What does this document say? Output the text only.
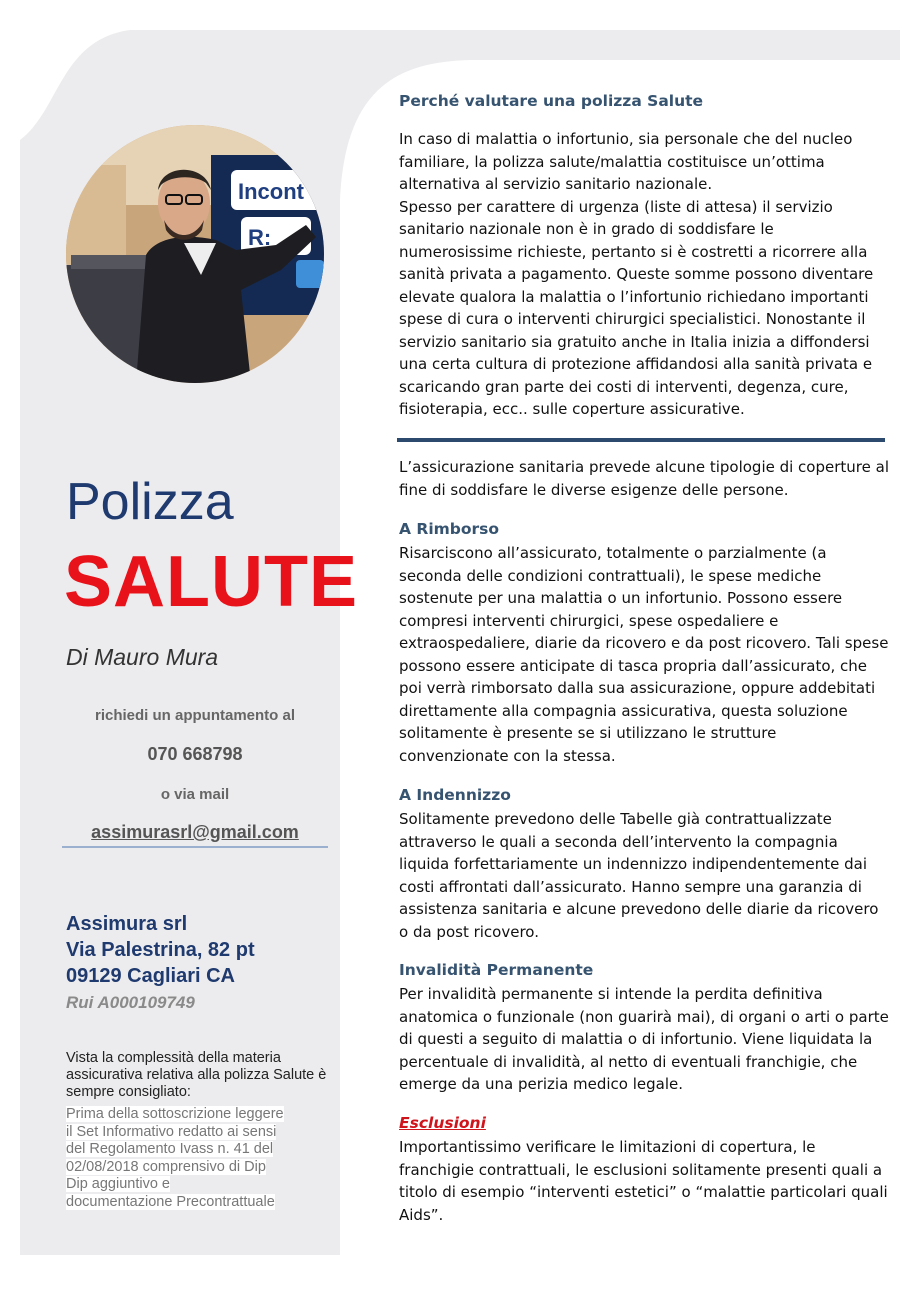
Incont
R:
Polizza
SALUTE
Di Mauro Mura
richiedi un appuntamento al
070 668798
o via mail
assimurasrl@gmail.com
Assimura srl
Via Palestrina, 82 pt
09129 Cagliari CA
Rui A000109749
Vista la complessità della materia assicurativa relativa alla polizza Salute è sempre consigliato:
Prima della sottoscrizione leggere
il Set Informativo redatto ai sensi
del Regolamento Ivass n. 41 del
02/08/2018 comprensivo di Dip
Dip aggiuntivo e
documentazione Precontrattuale
Perché valutare una polizza Salute
In caso di malattia o infortunio, sia personale che del nucleo familiare, la polizza salute/malattia costituisce un’ottima alternativa al servizio sanitario nazionale.
Spesso per carattere di urgenza (liste di attesa) il servizio sanitario nazionale non è in grado di soddisfare le numerosissime richieste, pertanto si è costretti a ricorrere alla sanità privata a pagamento. Queste somme possono diventare elevate qualora la malattia o l’infortunio richiedano importanti spese di cura o interventi chirurgici specialistici. Nonostante il servizio sanitario sia gratuito anche in Italia inizia a diffondersi una certa cultura di protezione affidandosi alla sanità privata e scaricando gran parte dei costi di interventi, degenza, cure, fisioterapia, ecc.. sulle coperture assicurative.
L’assicurazione sanitaria prevede alcune tipologie di coperture al fine di soddisfare le diverse esigenze delle persone.
A Rimborso
Risarciscono all’assicurato, totalmente o parzialmente (a seconda delle condizioni contrattuali), le spese mediche sostenute per una malattia o un infortunio. Possono essere compresi interventi chirurgici, spese ospedaliere e extraospedaliere, diarie da ricovero e da post ricovero. Tali spese possono essere anticipate di tasca propria dall’assicurato, che poi verrà rimborsato dalla sua assicurazione, oppure addebitati direttamente alla compagnia assicurativa, questa soluzione solitamente è presente se si utilizzano le strutture convenzionate con la stessa.
A Indennizzo
Solitamente prevedono delle Tabelle già contrattualizzate attraverso le quali a seconda dell’intervento la compagnia liquida forfettariamente un indennizzo indipendentemente dai costi affrontati dall’assicurato. Hanno sempre una garanzia di assistenza sanitaria e alcune prevedono delle diarie da ricovero o da post ricovero.
Invalidità Permanente
Per invalidità permanente si intende la perdita definitiva anatomica o funzionale (non guarirà mai), di organi o arti o parte di questi a seguito di malattia o di infortunio. Viene liquidata la percentuale di invalidità, al netto di eventuali franchigie, che emerge da una perizia medico legale.
Esclusioni
Importantissimo verificare le limitazioni di copertura, le franchigie contrattuali, le esclusioni solitamente presenti quali a titolo di esempio “interventi estetici” o “malattie particolari quali Aids”.
